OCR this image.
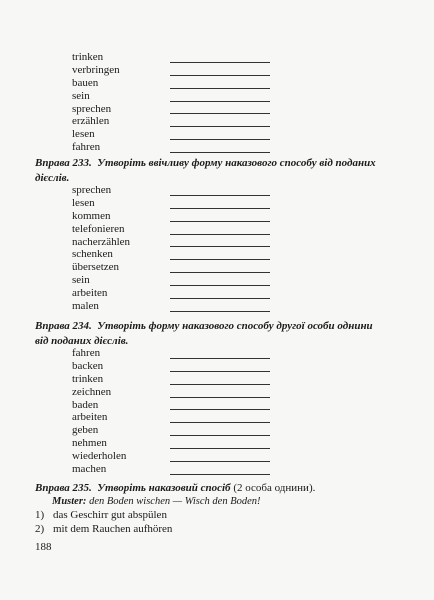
trinken
verbringen
bauen
sein
sprechen
erzählen
lesen
fahren
Вправа 233. Утворіть ввічливу форму наказового способу від поданих дієслів.
sprechen
lesen
kommen
telefonieren
nacherzählen
schenken
übersetzen
sein
arbeiten
malen
Вправа 234. Утворіть форму наказового способу другої особи однини від поданих дієслів.
fahren
backen
trinken
zeichnen
baden
arbeiten
geben
nehmen
wiederholen
machen
Вправа 235. Утворіть наказовий спосіб (2 особа однини).
Muster: den Boden wischen — Wisch den Boden!
1) das Geschirr gut abspülen
2) mit dem Rauchen aufhören
188
